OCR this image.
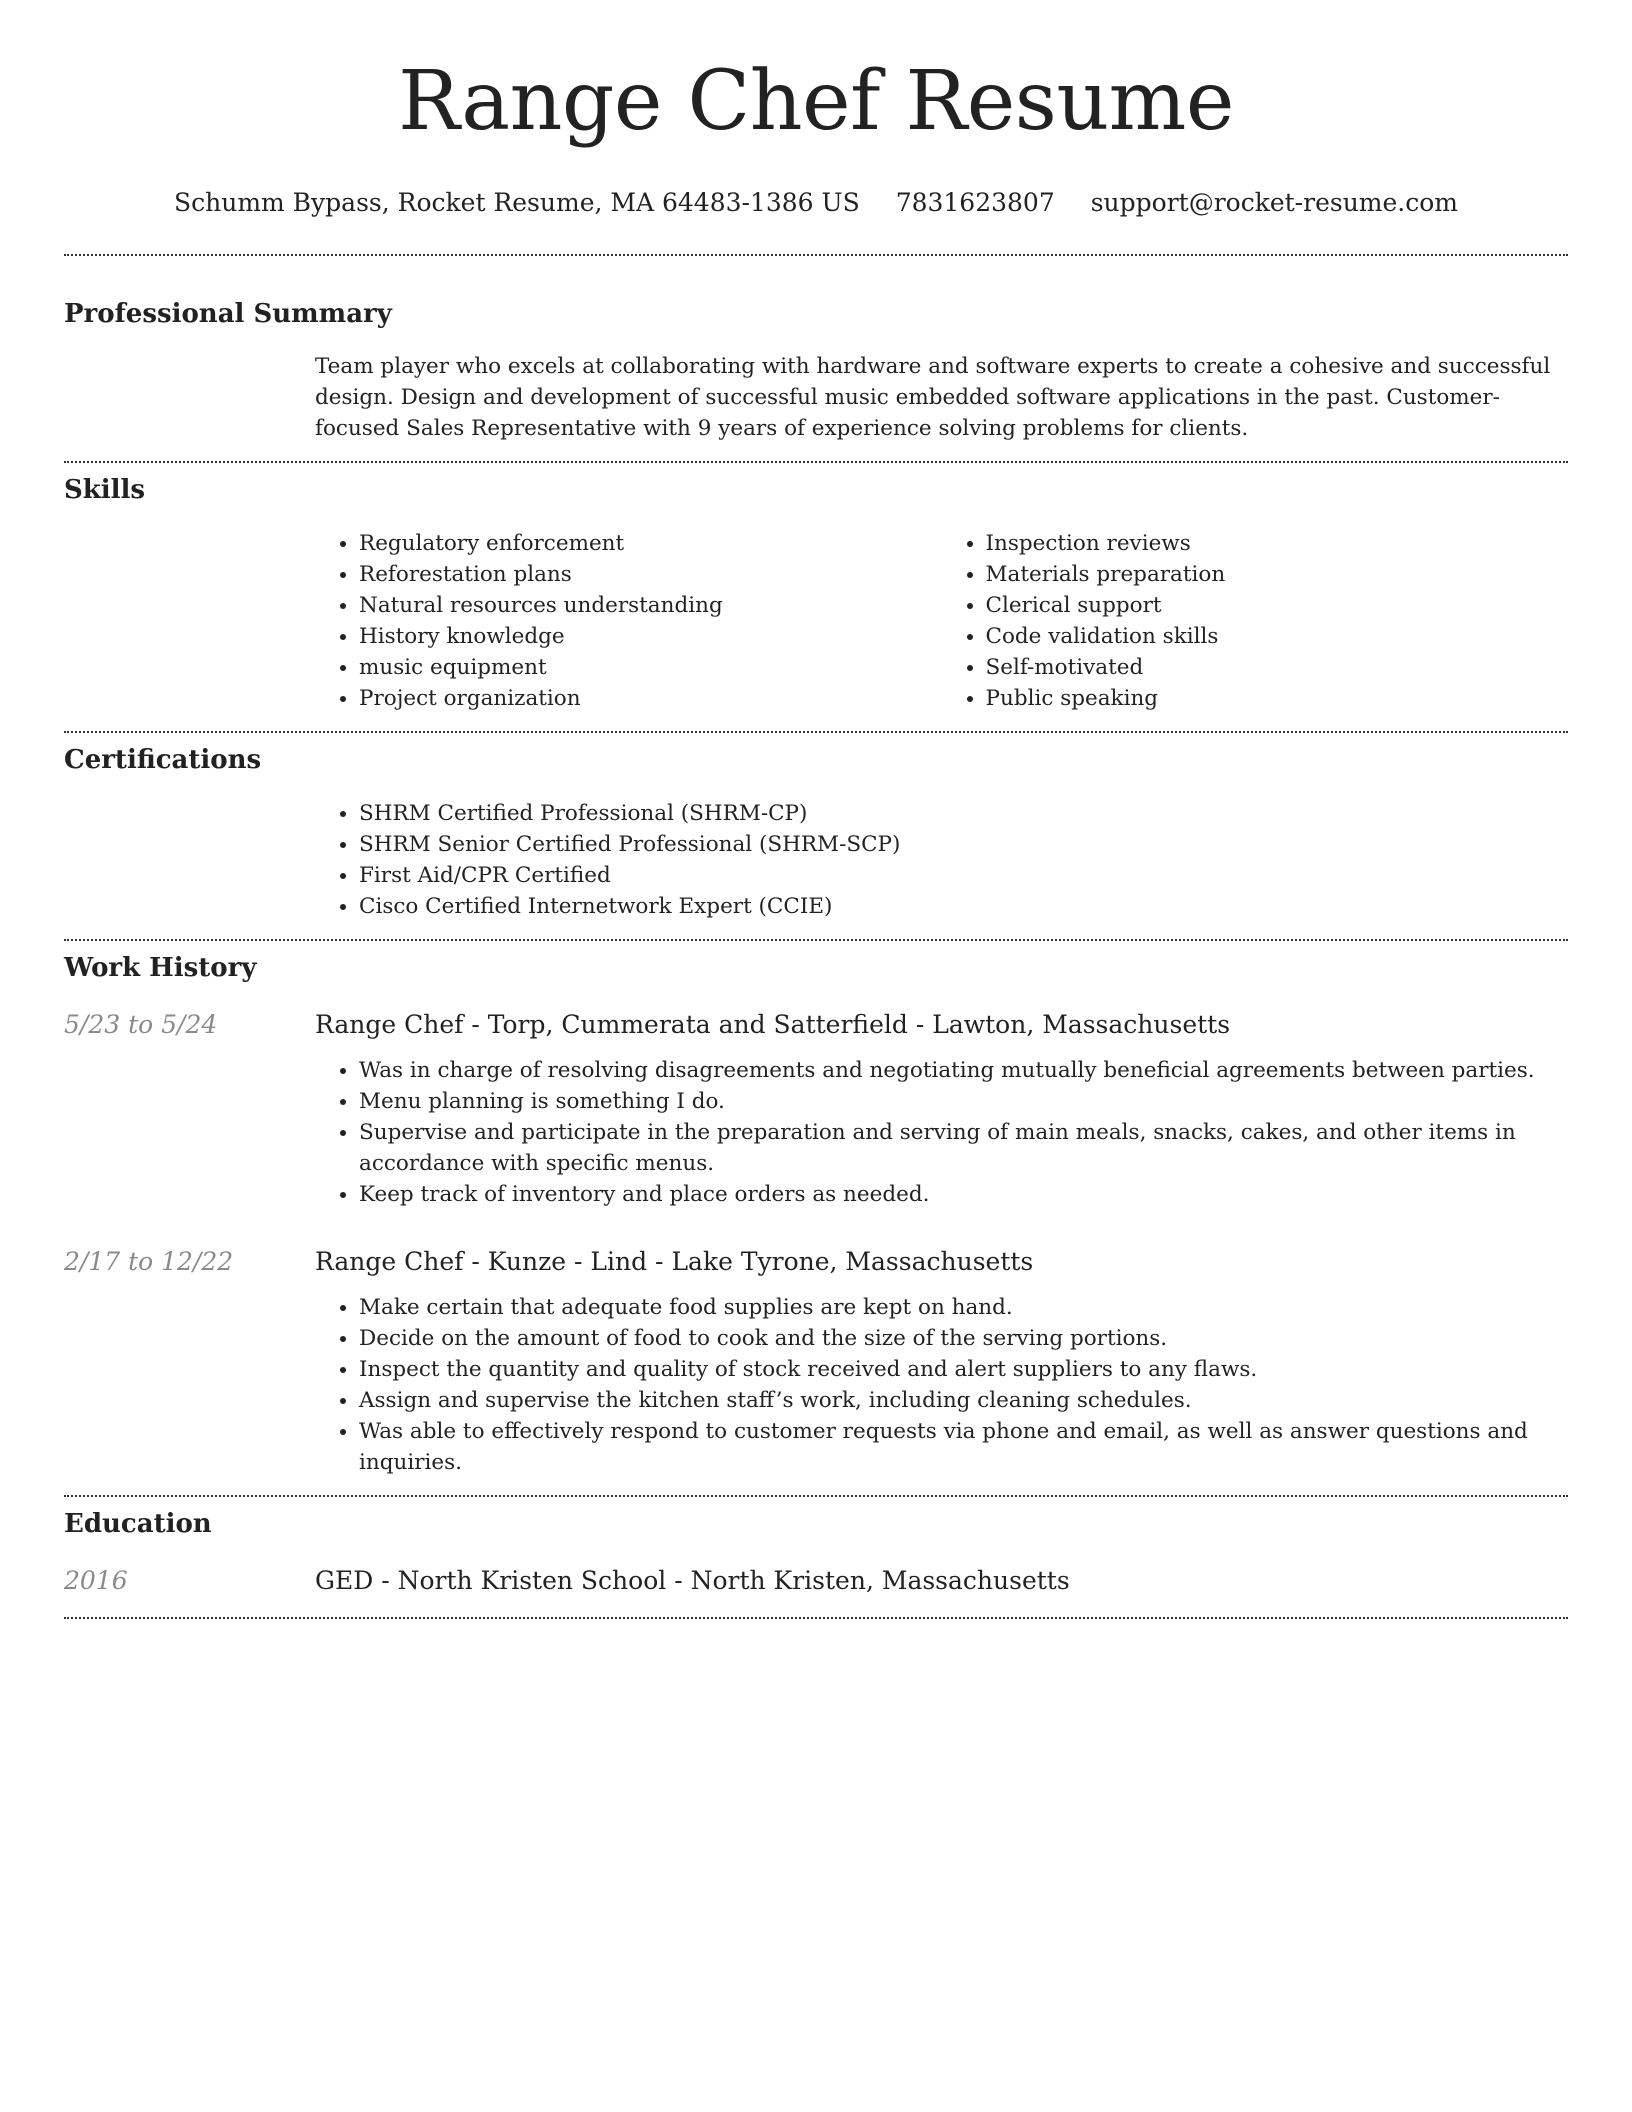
Range Chef Resume
Schumm Bypass, Rocket Resume, MA 64483-1386 US 7831623807 support@rocket-resume.com
Professional Summary

Team player who excels at collaborating with hardware and software experts to create a cohesive and successful design. Design and development of successful music embedded software applications in the past. Customer-focused Sales Representative with 9 years of experience solving problems for clients.

Skills
• Regulatory enforcement
• Reforestation plans
• Natural resources understanding
• History knowledge
• music equipment
• Project organization
• Inspection reviews
• Materials preparation
• Clerical support
• Code validation skills
• Self-motivated
• Public speaking
Certifications
• SHRM Certified Professional (SHRM-CP)
• SHRM Senior Certified Professional (SHRM-SCP)
• First Aid/CPR Certified
• Cisco Certified Internetwork Expert (CCIE)
Work History
5/23 to 5/24	Range Chef - Torp, Cummerata and Satterfield - Lawton, Massachusetts
• Was in charge of resolving disagreements and negotiating mutually beneficial agreements between parties.
• Menu planning is something I do.
• Supervise and participate in the preparation and serving of main meals, snacks, cakes, and other items in accordance with specific menus.
• Keep track of inventory and place orders as needed.
2/17 to 12/22	Range Chef - Kunze - Lind - Lake Tyrone, Massachusetts
• Make certain that adequate food supplies are kept on hand.
• Decide on the amount of food to cook and the size of the serving portions.
• Inspect the quantity and quality of stock received and alert suppliers to any flaws.
• Assign and supervise the kitchen staff’s work, including cleaning schedules.
• Was able to effectively respond to customer requests via phone and email, as well as answer questions and inquiries.
Education
2016	GED - North Kristen School - North Kristen, Massachusetts
